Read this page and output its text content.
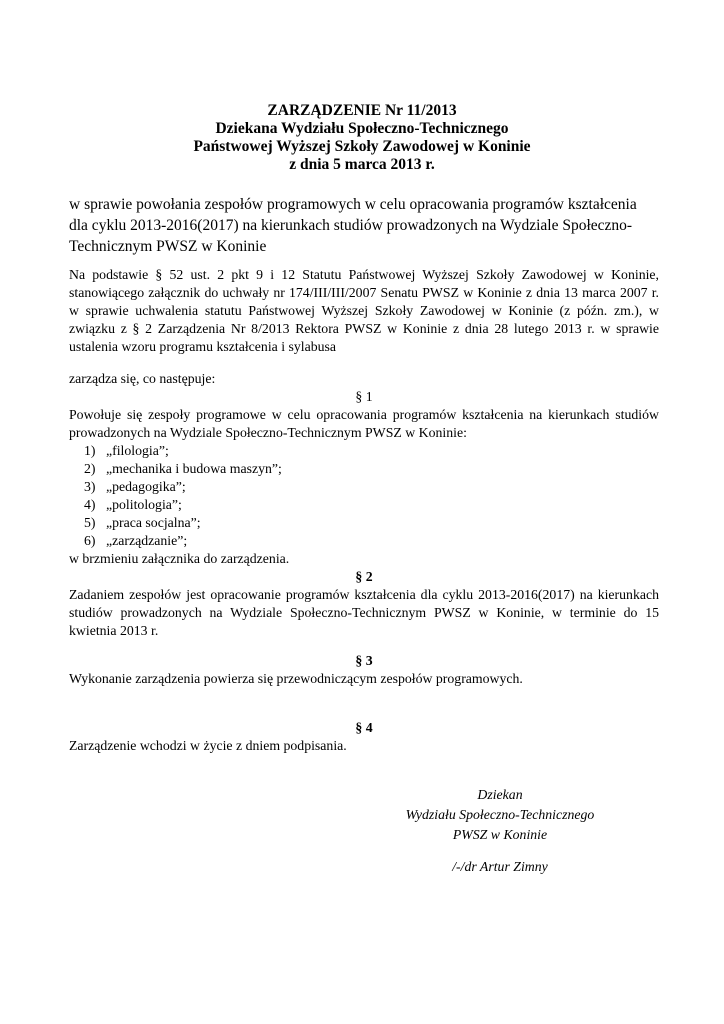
ZARZĄDZENIE Nr 11/2013
Dziekana Wydziału Społeczno-Technicznego
Państwowej Wyższej Szkoły Zawodowej w Koninie
z dnia 5 marca 2013 r.
w sprawie powołania zespołów programowych w celu opracowania programów kształcenia dla cyklu 2013-2016(2017) na kierunkach studiów prowadzonych na Wydziale Społeczno-Technicznym PWSZ w Koninie
Na podstawie § 52 ust. 2 pkt 9 i 12 Statutu Państwowej Wyższej Szkoły Zawodowej w Koninie, stanowiącego załącznik do uchwały nr 174/III/III/2007 Senatu PWSZ w Koninie z dnia 13 marca 2007 r. w sprawie uchwalenia statutu Państwowej Wyższej Szkoły Zawodowej w Koninie (z późn. zm.), w związku z § 2 Zarządzenia Nr 8/2013 Rektora PWSZ w Koninie z dnia 28 lutego 2013 r. w sprawie ustalenia wzoru programu kształcenia i sylabusa
zarządza się, co następuje:
§ 1
Powołuje się zespoły programowe w celu opracowania programów kształcenia na kierunkach studiów prowadzonych na Wydziale Społeczno-Technicznym PWSZ w Koninie:
1) „filologia”;
2) „mechanika i budowa maszyn”;
3) „pedagogika”;
4) „politologia”;
5) „praca socjalna”;
6) „zarządzanie”;
w brzmieniu załącznika do zarządzenia.
§ 2
Zadaniem zespołów jest opracowanie programów kształcenia dla cyklu 2013-2016(2017) na kierunkach studiów prowadzonych na Wydziale Społeczno-Technicznym PWSZ w Koninie, w terminie do 15 kwietnia 2013 r.
§ 3
Wykonanie zarządzenia powierza się przewodniczącym zespołów programowych.
§ 4
Zarządzenie wchodzi w życie z dniem podpisania.
Dziekan
Wydziału Społeczno-Technicznego
PWSZ w Koninie
/-/dr Artur Zimny
